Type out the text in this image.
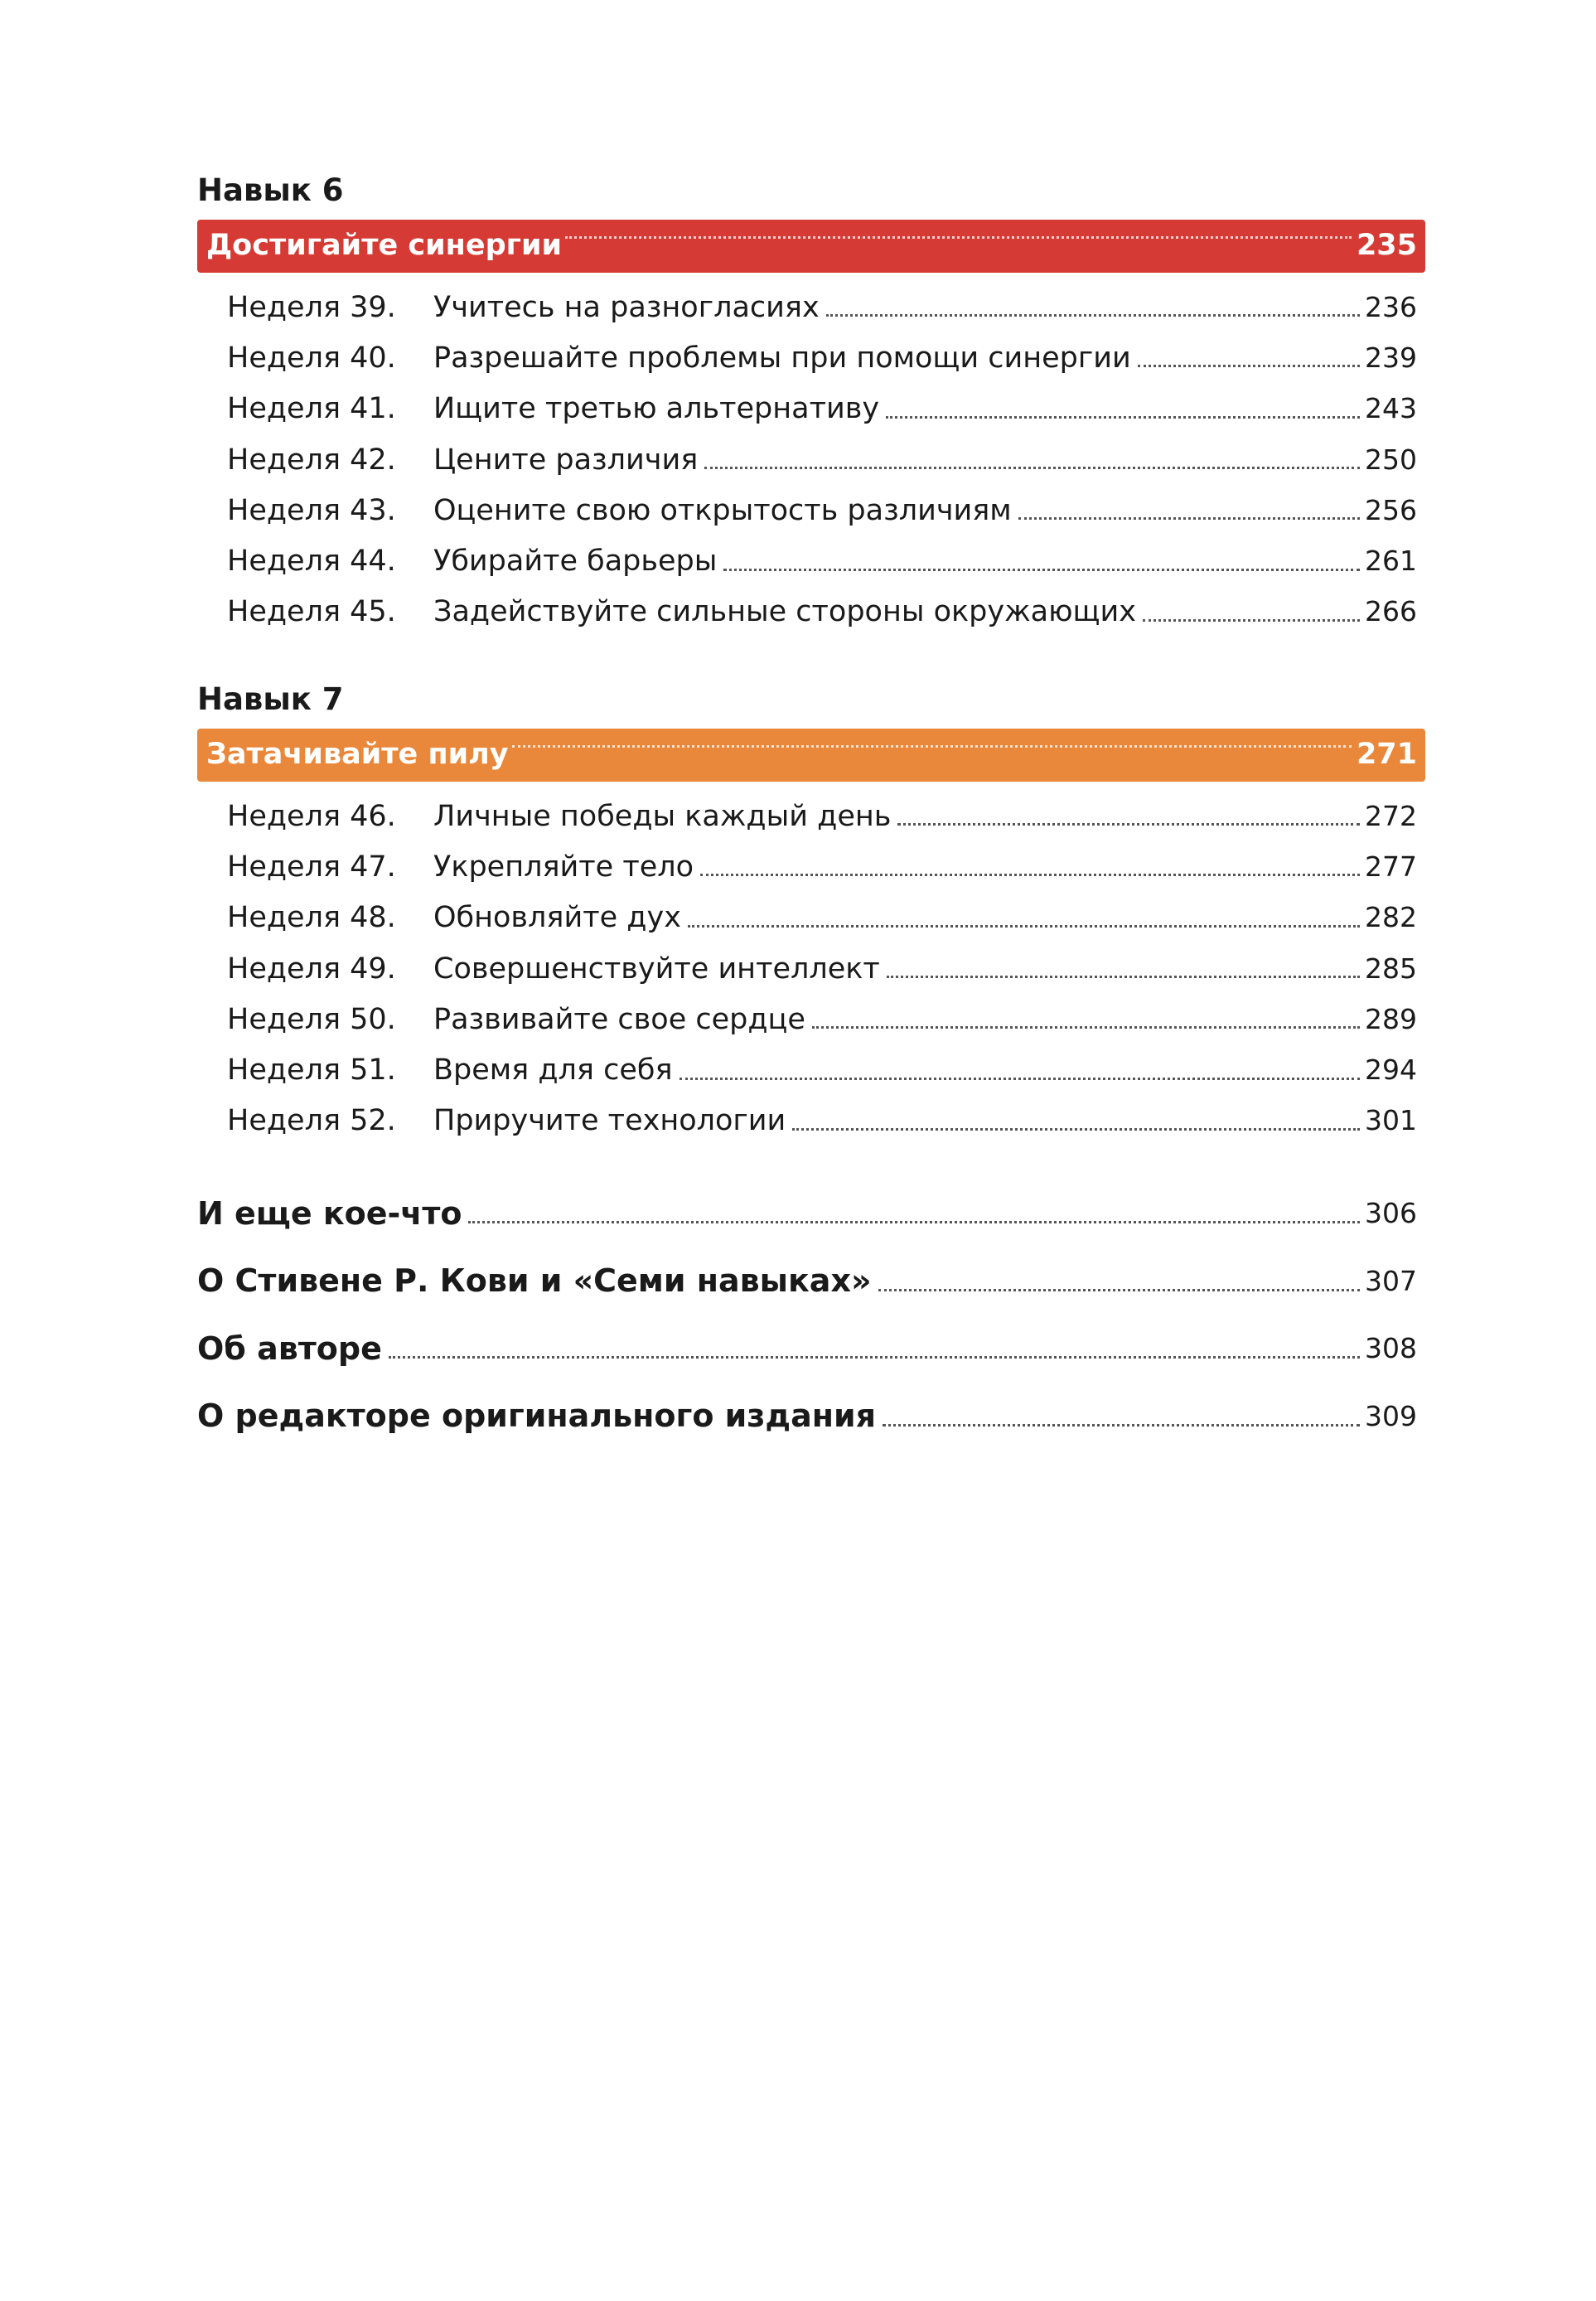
Навык 6
Достигайте синергии	235
Неделя 39.	Учитесь на разногласиях	236
Неделя 40.	Разрешайте проблемы при помощи синергии	239
Неделя 41.	Ищите третью альтернативу	243
Неделя 42.	Цените различия	250
Неделя 43.	Оцените свою открытость различиям	256
Неделя 44.	Убирайте барьеры	261
Неделя 45.	Задействуйте сильные стороны окружающих	266
Навык 7
Затачивайте пилу	271
Неделя 46.	Личные победы каждый день	272
Неделя 47.	Укрепляйте тело	277
Неделя 48.	Обновляйте дух	282
Неделя 49.	Совершенствуйте интеллект	285
Неделя 50.	Развивайте свое сердце	289
Неделя 51.	Время для себя	294
Неделя 52.	Приручите технологии	301
И еще кое-что	306
О Стивене Р. Кови и «Семи навыках»	307
Об авторе	308
О редакторе оригинального издания	309
